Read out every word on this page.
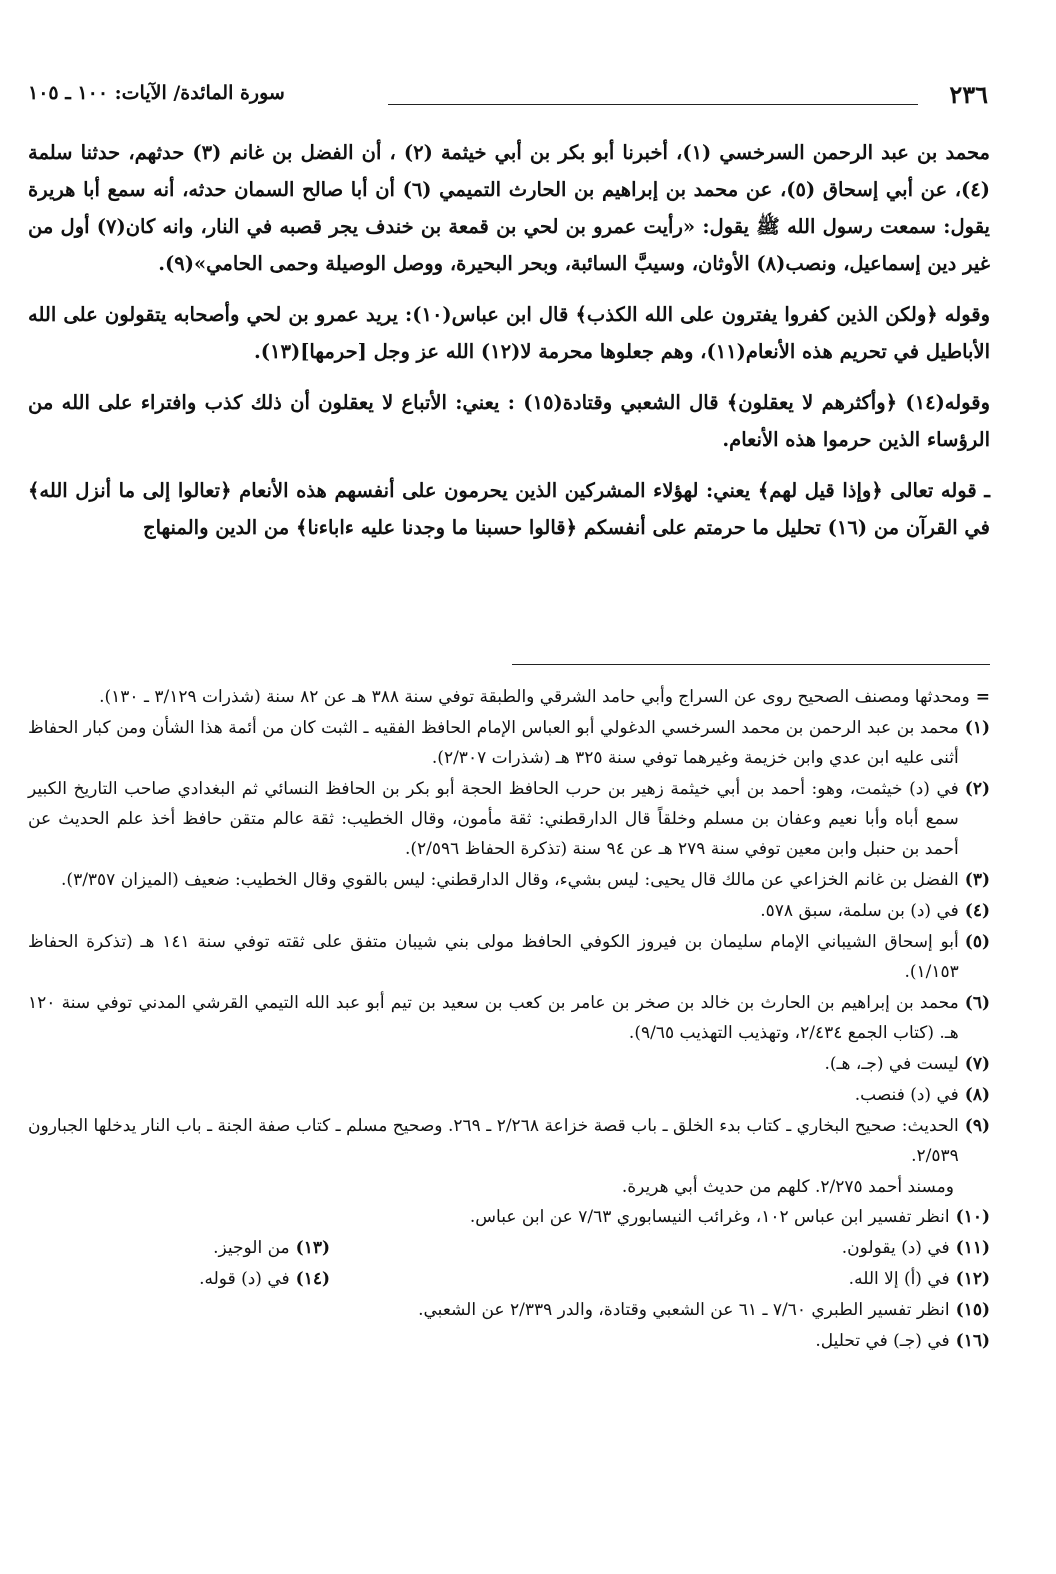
٢٣٦
سورة المائدة/ الآيات: ١٠٠ ـ ١٠٥

محمد بن عبد الرحمن السرخسي (١)، أخبرنا أبو بكر بن أبي خيثمة (٢) ، أن الفضل بن غانم (٣) حدثهم، حدثنا سلمة (٤)، عن أبي إسحاق (٥)، عن محمد بن إبراهيم بن الحارث التميمي (٦) أن أبا صالح السمان حدثه، أنه سمع أبا هريرة يقول: سمعت رسول الله ﷺ يقول: «رأيت عمرو بن لحي بن قمعة بن خندف يجر قصبه في النار، وانه كان(٧) أول من غير دين إسماعيل، ونصب(٨) الأوثان، وسيبَّ السائبة، وبحر البحيرة، ووصل الوصيلة وحمى الحامي»(٩).

وقوله ﴿ولكن الذين كفروا يفترون على الله الكذب﴾ قال ابن عباس(١٠): يريد عمرو بن لحي وأصحابه يتقولون على الله الأباطيل في تحريم هذه الأنعام(١١)، وهم جعلوها محرمة لا(١٢) الله عز وجل [حرمها](١٣).

وقوله(١٤) ﴿وأكثرهم لا يعقلون﴾ قال الشعبي وقتادة(١٥) : يعني: الأتباع لا يعقلون أن ذلك كذب وافتراء على الله من الرؤساء الذين حرموا هذه الأنعام.

ـ قوله تعالى ﴿وإذا قيل لهم﴾ يعني: لهؤلاء المشركين الذين يحرمون على أنفسهم هذه الأنعام ﴿تعالوا إلى ما أنزل الله﴾ في القرآن من (١٦) تحليل ما حرمتم على أنفسكم ﴿قالوا حسبنا ما وجدنا عليه ءاباءنا﴾ من الدين والمنهاج

=
ومحدثها ومصنف الصحيح روى عن السراج وأبي حامد الشرقي والطبقة توفي سنة ٣٨٨ هـ عن ٨٢ سنة (شذرات ٣/١٢٩ ـ ١٣٠).
(١)
محمد بن عبد الرحمن بن محمد السرخسي الدغولي أبو العباس الإمام الحافظ الفقيه ـ الثبت كان من أئمة هذا الشأن ومن كبار الحفاظ أثنى عليه ابن عدي وابن خزيمة وغيرهما توفي سنة ٣٢٥ هـ (شذرات ٢/٣٠٧).
(٢)
في (د) خيثمت، وهو: أحمد بن أبي خيثمة زهير بن حرب الحافظ الحجة أبو بكر بن الحافظ النسائي ثم البغدادي صاحب التاريخ الكبير سمع أباه وأبا نعيم وعفان بن مسلم وخلقاً قال الدارقطني: ثقة مأمون، وقال الخطيب: ثقة عالم متقن حافظ أخذ علم الحديث عن أحمد بن حنبل وابن معين توفي سنة ٢٧٩ هـ عن ٩٤ سنة (تذكرة الحفاظ ٢/٥٩٦).
(٣)
الفضل بن غانم الخزاعي عن مالك قال يحيى: ليس بشيء، وقال الدارقطني: ليس بالقوي وقال الخطيب: ضعيف (الميزان ٣/٣٥٧).
(٤)
في (د) بن سلمة، سبق ٥٧٨.
(٥)
أبو إسحاق الشيباني الإمام سليمان بن فيروز الكوفي الحافظ مولى بني شيبان متفق على ثقته توفي سنة ١٤١ هـ (تذكرة الحفاظ ١/١٥٣).
(٦)
محمد بن إبراهيم بن الحارث بن خالد بن صخر بن عامر بن كعب بن سعيد بن تيم أبو عبد الله التيمي القرشي المدني توفي سنة ١٢٠ هـ. (كتاب الجمع ٢/٤٣٤، وتهذيب التهذيب ٩/٦٥).
(٧)
ليست في (جـ، هـ).
(٨)
في (د) فنصب.
(٩)
الحديث: صحيح البخاري ـ كتاب بدء الخلق ـ باب قصة خزاعة ٢/٢٦٨ ـ ٢٦٩. وصحيح مسلم ـ كتاب صفة الجنة ـ باب النار يدخلها الجبارون ٢/٥٣٩.
ومسند أحمد ٢/٢٧٥. كلهم من حديث أبي هريرة.
(١٠)
انظر تفسير ابن عباس ١٠٢، وغرائب النيسابوري ٧/٦٣ عن ابن عباس.
(١١)
في (د) يقولون.
(١٣)
من الوجيز.
(١٢)
في (أ) إلا الله.
(١٤)
في (د) قوله.
(١٥)
انظر تفسير الطبري ٧/٦٠ ـ ٦١ عن الشعبي وقتادة، والدر ٢/٣٣٩ عن الشعبي.
(١٦)
في (جـ) في تحليل.
